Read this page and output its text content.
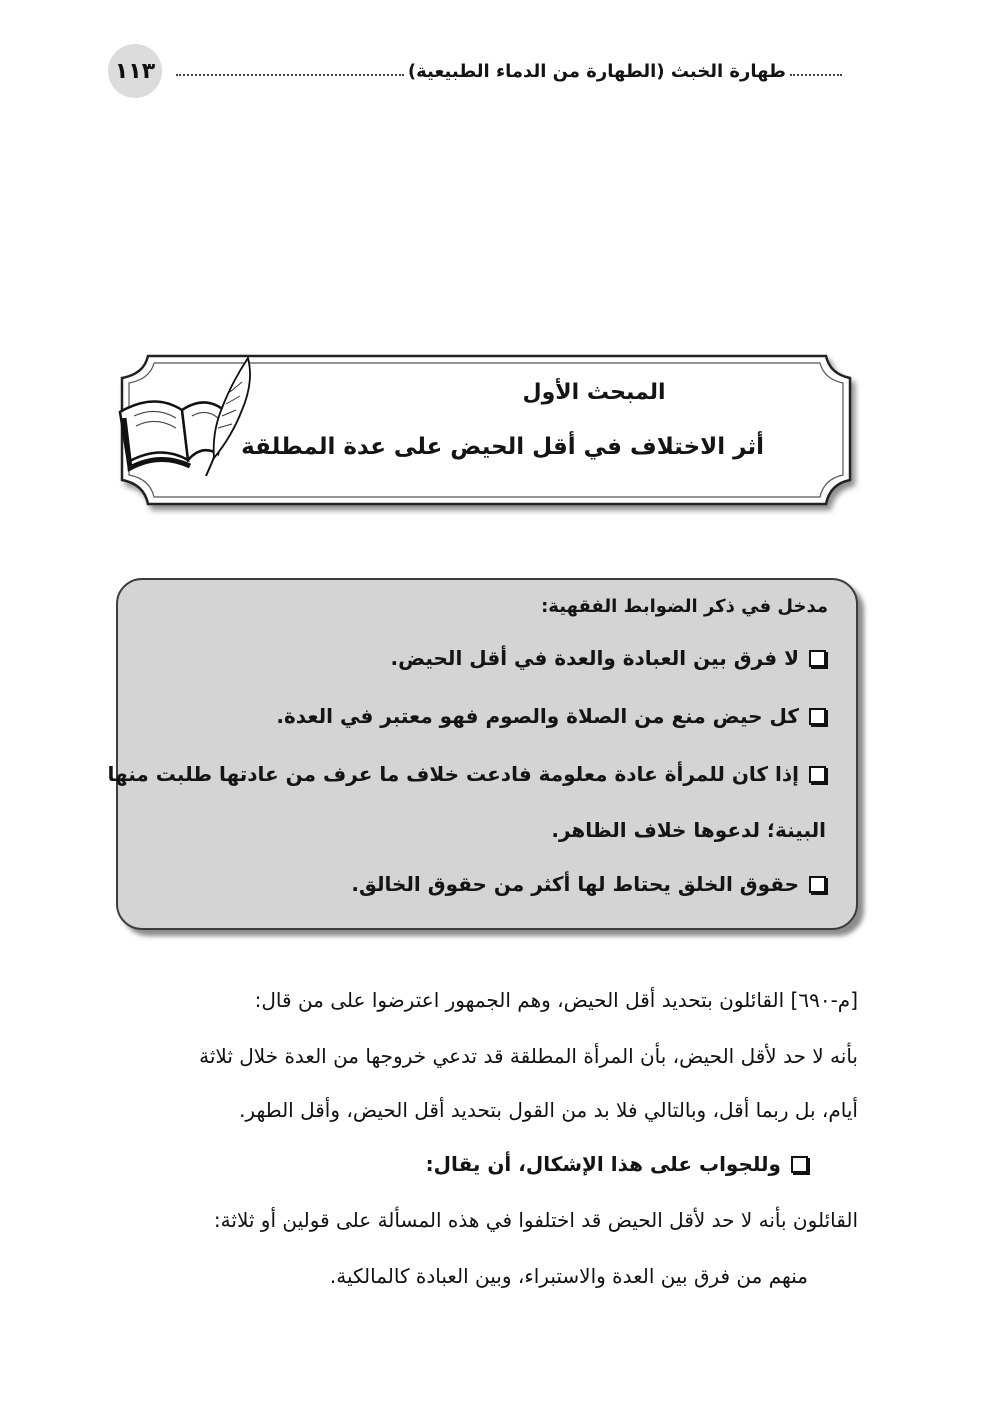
١١٣	طهارة الخبث (الطهارة من الدماء الطبيعية)
المبحث الأول
أثر الاختلاف في أقل الحيض على عدة المطلقة
مدخل في ذكر الضوابط الفقهية:
لا فرق بين العبادة والعدة في أقل الحيض.
كل حيض منع من الصلاة والصوم فهو معتبر في العدة.
إذا كان للمرأة عادة معلومة فادعت خلاف ما عرف من عادتها طلبت منها
البينة؛ لدعوها خلاف الظاهر.
حقوق الخلق يحتاط لها أكثر من حقوق الخالق.
[م-٦٩٠] القائلون بتحديد أقل الحيض، وهم الجمهور اعترضوا على من قال:
بأنه لا حد لأقل الحيض، بأن المرأة المطلقة قد تدعي خروجها من العدة خلال ثلاثة
أيام، بل ربما أقل، وبالتالي فلا بد من القول بتحديد أقل الحيض، وأقل الطهر.
وللجواب على هذا الإشكال، أن يقال:
القائلون بأنه لا حد لأقل الحيض قد اختلفوا في هذه المسألة على قولين أو ثلاثة:
منهم من فرق بين العدة والاستبراء، وبين العبادة كالمالكية.
